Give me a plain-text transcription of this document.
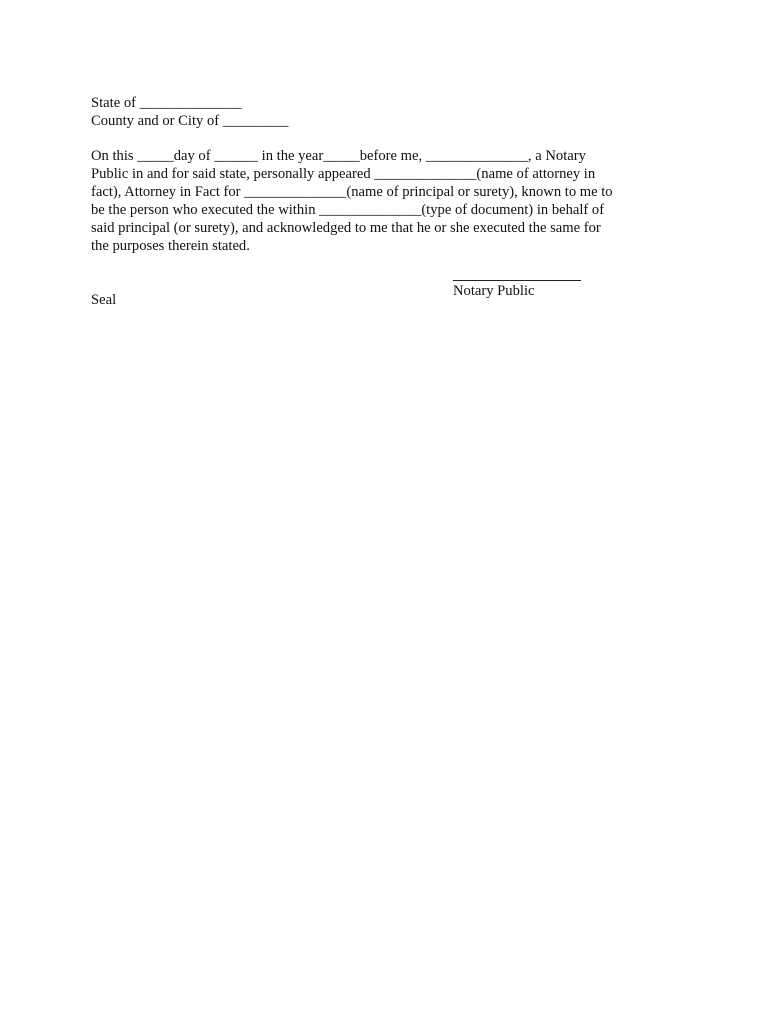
State of ______________

County and or City of _________

On this _____day of ______ in the year_____before me, ______________, a Notary
Public in and for said state, personally appeared ______________(name of attorney in
fact), Attorney in Fact for ______________(name of principal or surety), known to me to
be the person who executed the within ______________(type of document) in behalf of
said principal (or surety), and acknowledged to me that he or she executed the same for
the purposes therein stated.

Seal

Notary Public
